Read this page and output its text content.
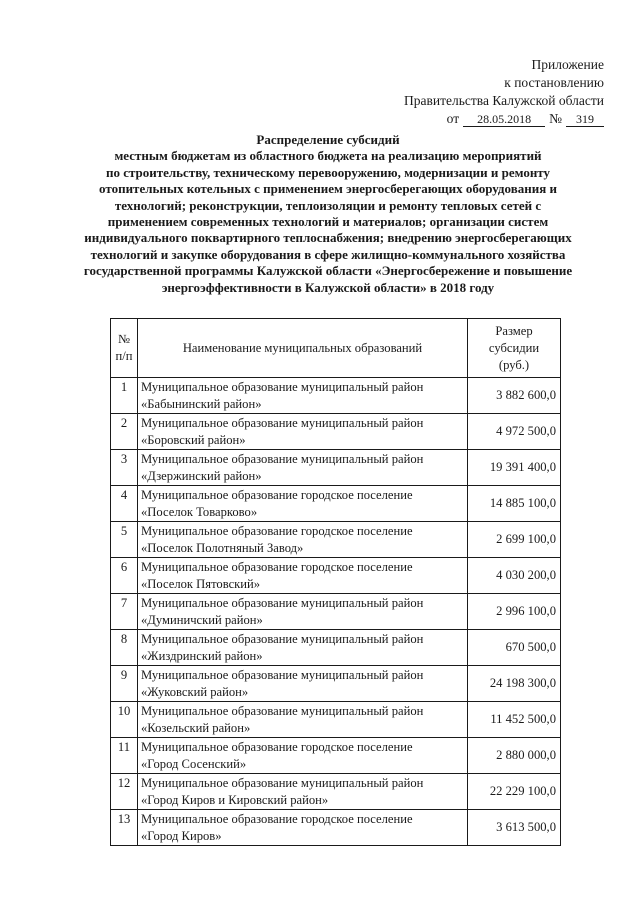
Приложение
к постановлению
Правительства Калужской области
от	28.05.2018	№	319
Распределение субсидий
местным бюджетам из областного бюджета на реализацию мероприятий
по строительству, техническому перевооружению, модернизации и ремонту
отопительных котельных с применением энергосберегающих оборудования и
технологий; реконструкции, теплоизоляции и ремонту тепловых сетей с
применением современных технологий и материалов; организации систем
индивидуального поквартирного теплоснабжения; внедрению энергосберегающих
технологий и закупке оборудования в сфере жилищно-коммунального хозяйства
государственной программы Калужской области «Энергосбережение и повышение
энергоэффективности в Калужской области» в 2018 году
№
п/п	Наименование муниципальных образований	Размер
субсидии
(руб.)

1	Муниципальное образование муниципальный район
«Бабынинский район»	3 882 600,0
2	Муниципальное образование муниципальный район
«Боровский район»	4 972 500,0
3	Муниципальное образование муниципальный район
«Дзержинский район»	19 391 400,0
4	Муниципальное образование городское поселение
«Поселок Товарково»	14 885 100,0
5	Муниципальное образование городское поселение
«Поселок Полотняный Завод»	2 699 100,0
6	Муниципальное образование городское поселение
«Поселок Пятовский»	4 030 200,0
7	Муниципальное образование муниципальный район
«Думиничский район»	2 996 100,0
8	Муниципальное образование муниципальный район
«Жиздринский район»	670 500,0
9	Муниципальное образование муниципальный район
«Жуковский район»	24 198 300,0
10	Муниципальное образование муниципальный район
«Козельский район»	11 452 500,0
11	Муниципальное образование городское поселение
«Город Сосенский»	2 880 000,0
12	Муниципальное образование муниципальный район
«Город Киров и Кировский район»	22 229 100,0
13	Муниципальное образование городское поселение
«Город Киров»	3 613 500,0
